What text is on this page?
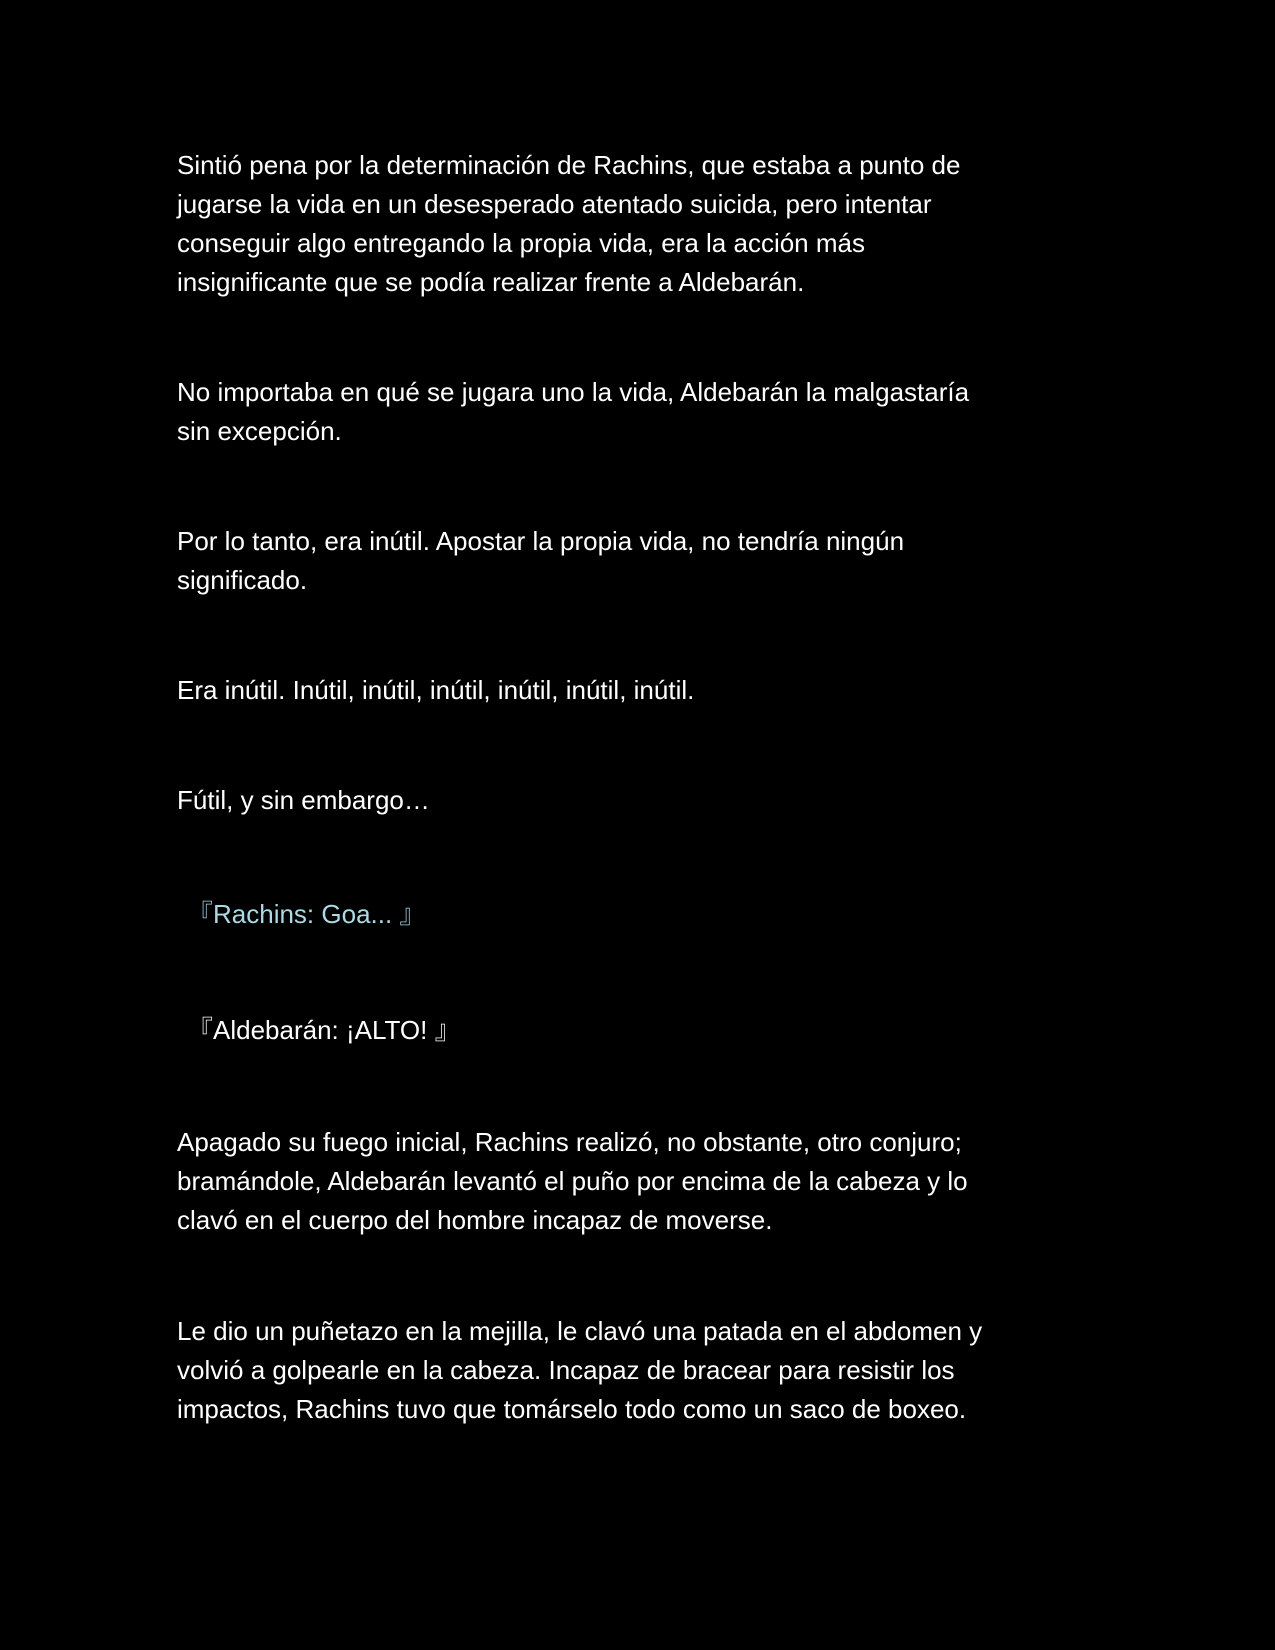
Sintió pena por la determinación de Rachins, que estaba a punto de
jugarse la vida en un desesperado atentado suicida, pero intentar
conseguir algo entregando la propia vida, era la acción más
insignificante que se podía realizar frente a Aldebarán.

No importaba en qué se jugara uno la vida, Aldebarán la malgastaría
sin excepción.

Por lo tanto, era inútil. Apostar la propia vida, no tendría ningún
significado.

Era inútil. Inútil, inútil, inútil, inútil, inútil, inútil.

Fútil, y sin embargo…

『Rachins: Goa... 』

『Aldebarán: ¡ALTO! 』

Apagado su fuego inicial, Rachins realizó, no obstante, otro conjuro;
bramándole, Aldebarán levantó el puño por encima de la cabeza y lo
clavó en el cuerpo del hombre incapaz de moverse.

Le dio un puñetazo en la mejilla, le clavó una patada en el abdomen y
volvió a golpearle en la cabeza. Incapaz de bracear para resistir los
impactos, Rachins tuvo que tomárselo todo como un saco de boxeo.
